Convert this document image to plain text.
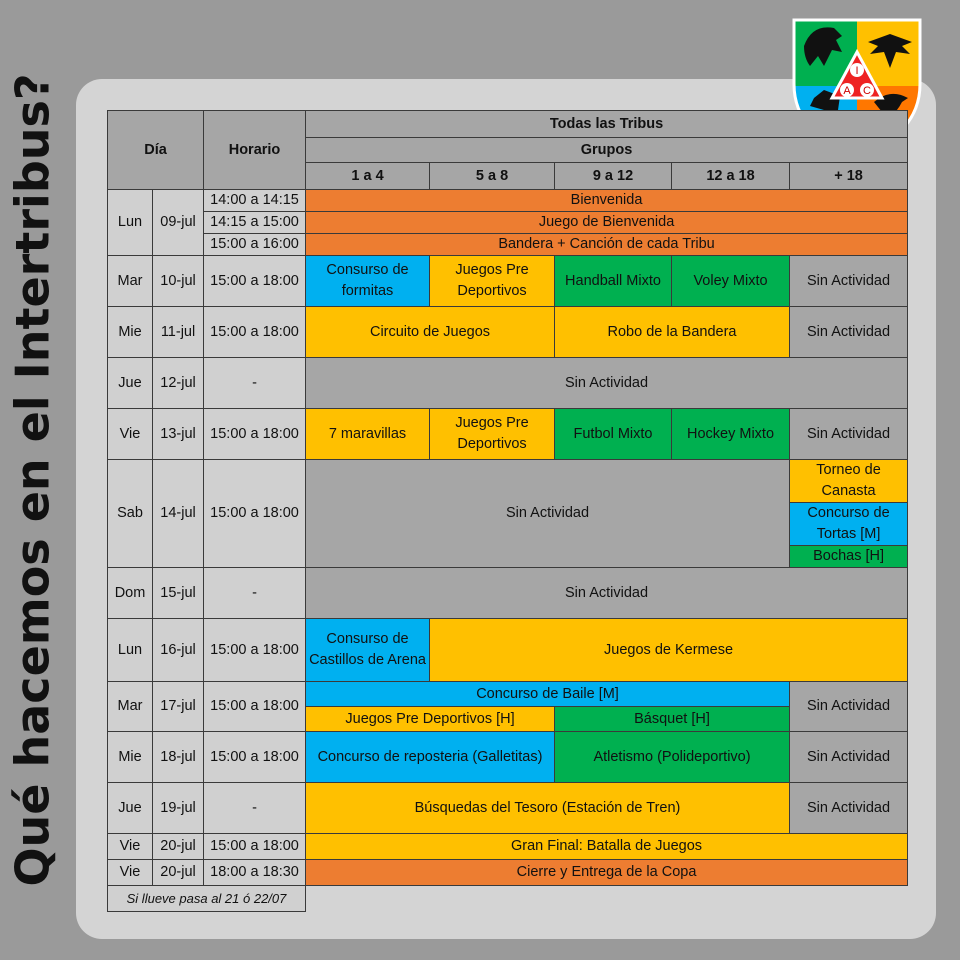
Qué hacemos en el Intertribus?
I
A C
Día		Horario	Todas las Tribus				
			Grupos				
			1 a 4	5 a 8	9 a 12	12 a 18	+ 18
Lun	09-jul	14:00 a 14:15	Bienvenida				
		14:15 a 15:00	Juego de Bienvenida				
		15:00 a 16:00	Bandera + Canción de cada Tribu				
Mar	10-jul	15:00 a 18:00	Consurso de formitas	Juegos Pre Deportivos	Handball Mixto	Voley Mixto	Sin Actividad
Mie	11-jul	15:00 a 18:00	Circuito de Juegos		Robo de la Bandera		Sin Actividad
Jue	12-jul	-	Sin Actividad				
Vie	13-jul	15:00 a 18:00	7 maravillas	Juegos Pre Deportivos	Futbol Mixto	Hockey Mixto	Sin Actividad
Sab	14-jul	15:00 a 18:00	Sin Actividad				Torneo de Canasta
							Concurso de Tortas [M]
							Bochas [H]
Dom	15-jul	-	Sin Actividad				
Lun	16-jul	15:00 a 18:00	Consurso de Castillos de Arena	Juegos de Kermese			
Mar	17-jul	15:00 a 18:00	Concurso de Baile [M]				Sin Actividad
			Juegos Pre Deportivos [H]		Básquet [H]		
Mie	18-jul	15:00 a 18:00	Concurso de reposteria (Galletitas)		Atletismo (Polideportivo)		Sin Actividad
Jue	19-jul	-	Búsquedas del Tesoro (Estación de Tren)				Sin Actividad
Vie	20-jul	15:00 a 18:00	Gran Final: Batalla de Juegos				
Vie	20-jul	18:00 a 18:30	Cierre y Entrega de la Copa				
Si llueve pasa al 21 ó 22/07							
